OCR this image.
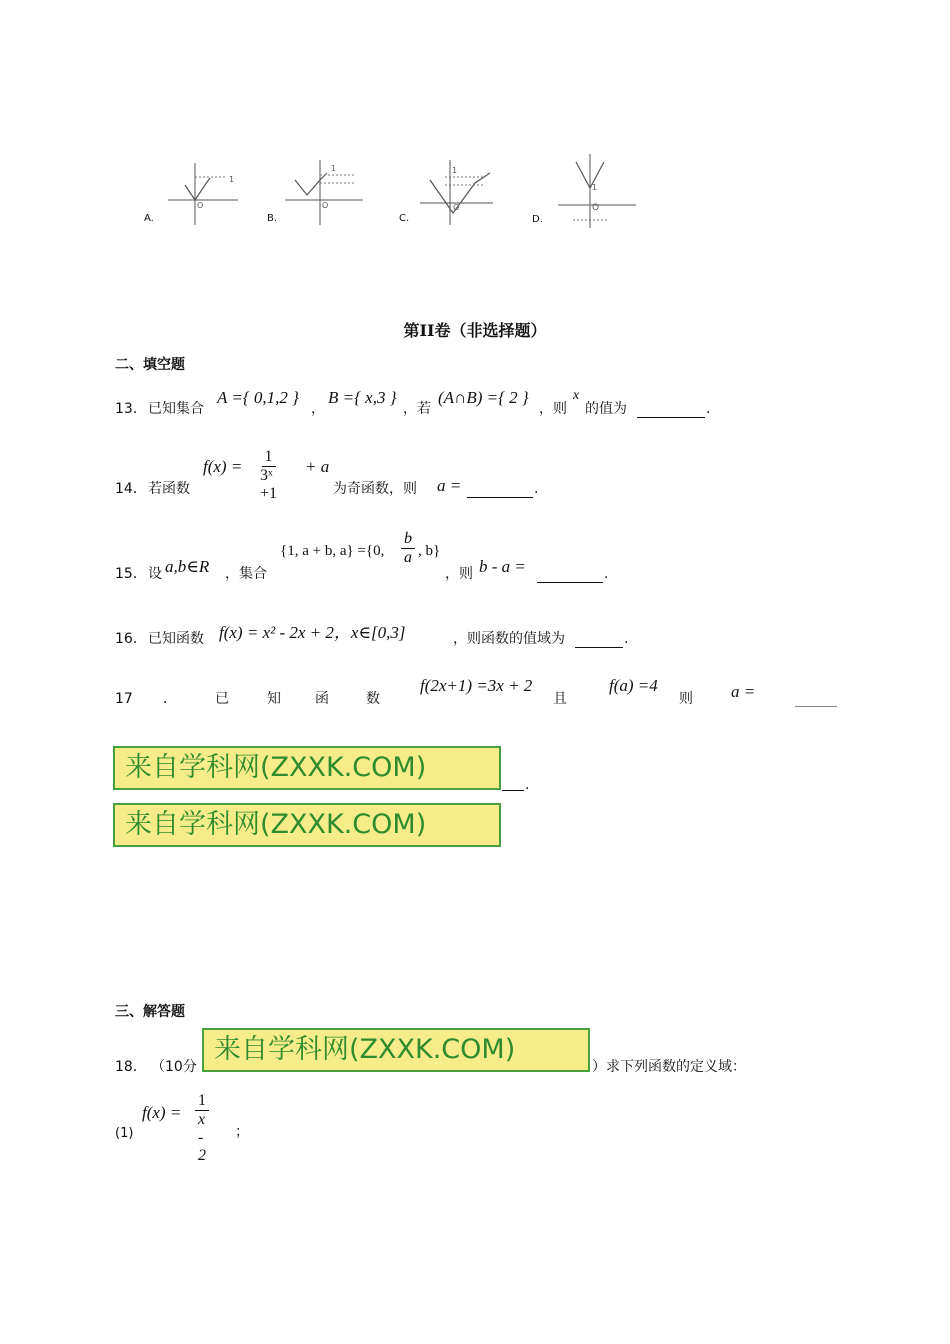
1
O
A.
O
1
B.
O
1
C.
O
1
D.
第II卷（非选择题）
二、填空题
13． 已知集合
A ={ 0,1,2 }
，
B ={ x,3 }
，若
(A∩B) ={ 2 }
，则
x
的值为	.
14． 若函数
$f(x) = \frac{1}{\text{3ˣ +1}} + a$
为奇函数，则 a =	.
15． 设 a,b∈R ，集合
{1, a + b, a} ={0, $\frac{b}{a}$ , b}
，则 b - a =	.
16． 已知函数 f(x) = x² - 2x + 2，x∈[0,3]	，则函数的值域为	.
17 ．	已	知 函	数
f(2x+1) =3x + 2
且
f(a) =4
则 a =
来自学科网(ZXXK.COM)
.
来自学科网(ZXXK.COM)
三、解答题
18． （10分
来自学科网(ZXXK.COM)
）求下列函数的定义域：
(1)
$f(x) = \frac{1}{x - 2}$ ；
